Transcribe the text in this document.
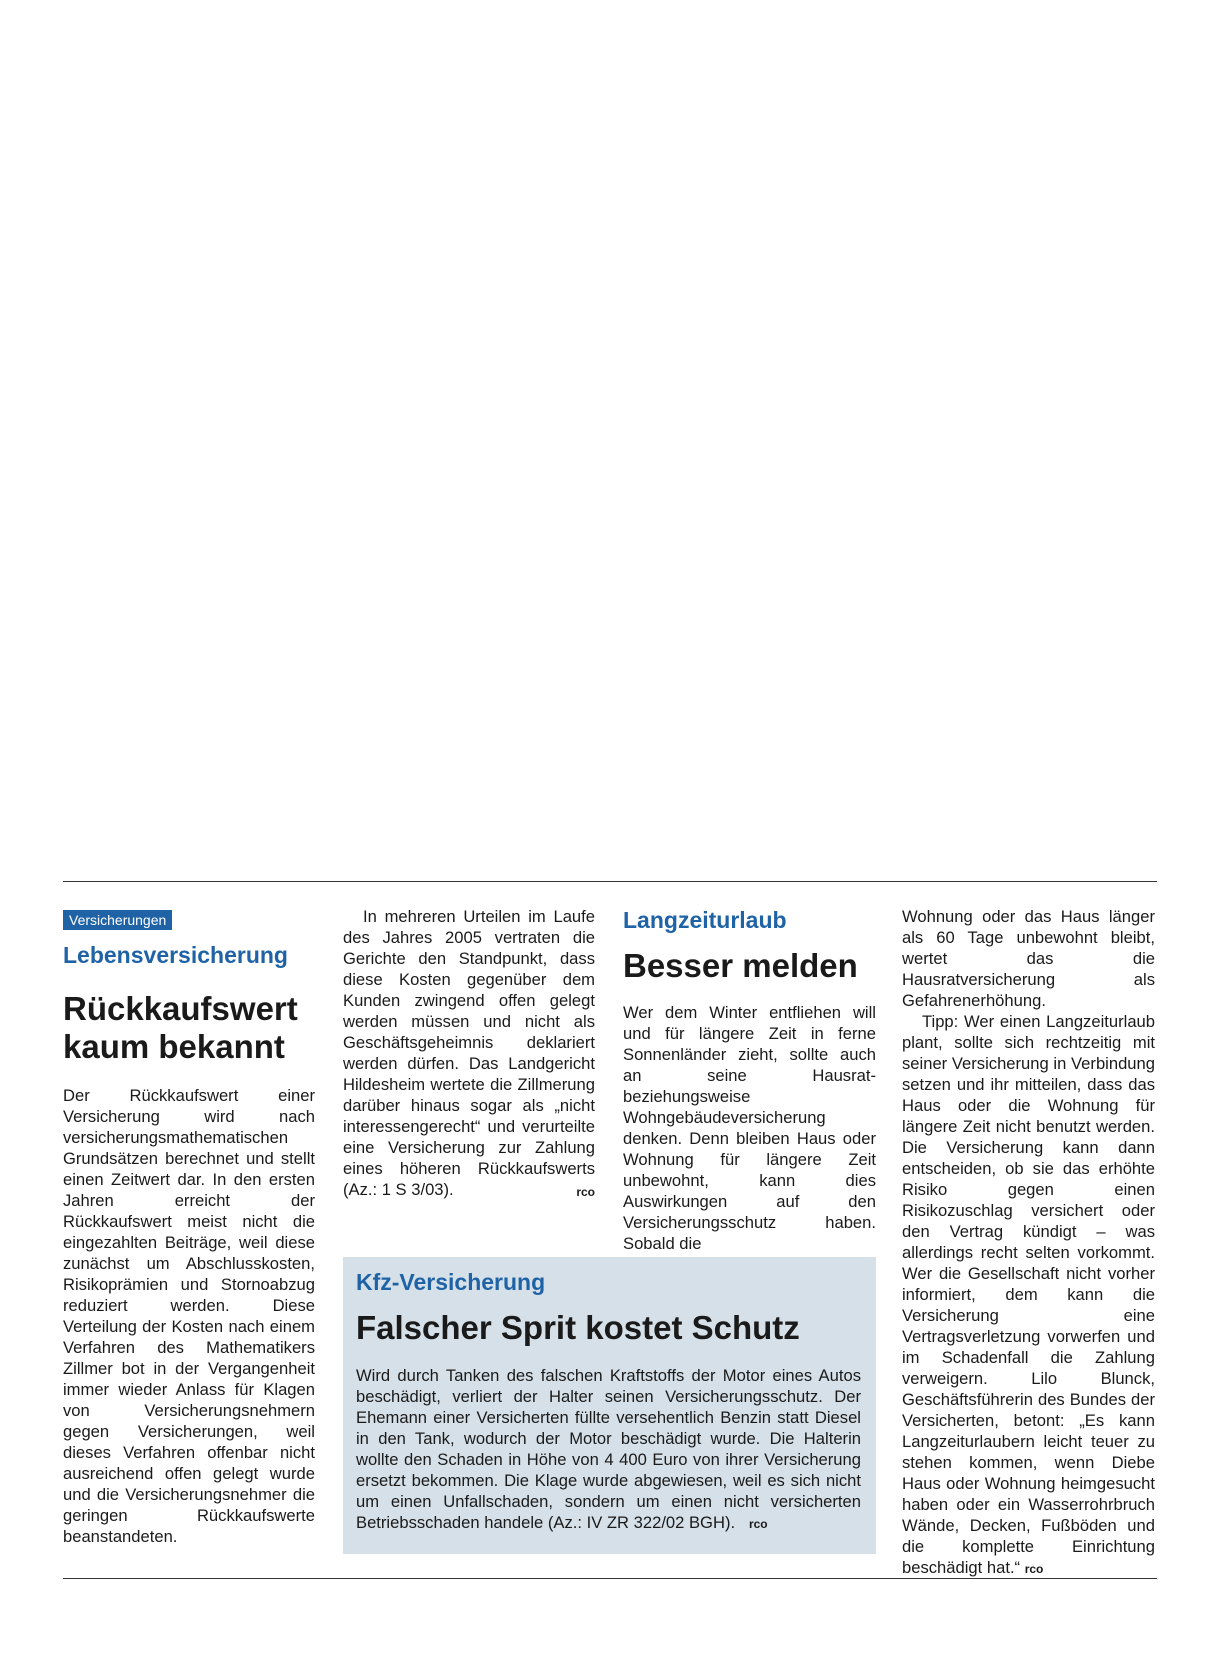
Versicherungen
Lebensversicherung
Rückkaufswert
kaum bekannt

Der Rückkaufswert einer Versicherung wird nach versicherungsmathematischen Grundsätzen berechnet und stellt einen Zeitwert dar. In den ersten Jahren erreicht der Rückkaufswert meist nicht die eingezahlten Beiträge, weil diese zunächst um Abschlusskosten, Risikoprämien und Stornoabzug reduziert werden. Diese Verteilung der Kosten nach einem Verfahren des Mathematikers Zillmer bot in der Vergangenheit immer wieder Anlass für Klagen von Versicherungsnehmern gegen Versicherungen, weil dieses Verfahren offenbar nicht ausreichend offen gelegt wurde und die Versicherungsnehmer die geringen Rückkaufswerte beanstandeten.

In mehreren Urteilen im Laufe des Jahres 2005 vertraten die Gerichte den Standpunkt, dass diese Kosten gegenüber dem Kunden zwingend offen gelegt werden müssen und nicht als Geschäftsgeheimnis deklariert werden dürfen. Das Landgericht Hildesheim wertete die Zillmerung darüber hinaus sogar als „nicht interessengerecht“ und verurteilte eine Versicherung zur Zahlung eines höheren Rückkaufswerts (Az.: 1 S 3/03).	rco
Langzeiturlaub
Besser melden

Wer dem Winter entfliehen will und für längere Zeit in ferne Sonnenländer zieht, sollte auch an seine Hausrat- beziehungsweise Wohngebäudeversicherung denken. Denn bleiben Haus oder Wohnung für längere Zeit unbewohnt, kann dies Auswirkungen auf den Versicherungsschutz haben. Sobald die

Wohnung oder das Haus länger als 60 Tage unbewohnt bleibt, wertet das die Hausratversicherung als Gefahrenerhöhung.

Tipp: Wer einen Langzeiturlaub plant, sollte sich rechtzeitig mit seiner Versicherung in Verbindung setzen und ihr mitteilen, dass das Haus oder die Wohnung für längere Zeit nicht benutzt werden. Die Versicherung kann dann entscheiden, ob sie das erhöhte Risiko gegen einen Risikozuschlag versichert oder den Vertrag kündigt – was allerdings recht selten vorkommt. Wer die Gesellschaft nicht vorher informiert, dem kann die Versicherung eine Vertragsverletzung vorwerfen und im Schadenfall die Zahlung verweigern. Lilo Blunck, Geschäftsführerin des Bundes der Versicherten, betont: „Es kann Langzeiturlaubern leicht teuer zu stehen kommen, wenn Diebe Haus oder Wohnung heimgesucht haben oder ein Wasserrohrbruch Wände, Decken, Fußböden und die komplette Einrichtung beschädigt hat.“ rco

Kfz-Versicherung
Falscher Sprit kostet Schutz

Wird durch Tanken des falschen Kraftstoffs der Motor eines Autos beschädigt, verliert der Halter seinen Versicherungsschutz. Der Ehemann einer Versicherten füllte versehentlich Benzin statt Diesel in den Tank, wodurch der Motor beschädigt wurde. Die Halterin wollte den Schaden in Höhe von 4 400 Euro von ihrer Versicherung ersetzt bekommen. Die Klage wurde abgewiesen, weil es sich nicht um einen Unfallschaden, sondern um einen nicht versicherten Betriebsschaden handele (Az.: IV ZR 322/02 BGH). rco
